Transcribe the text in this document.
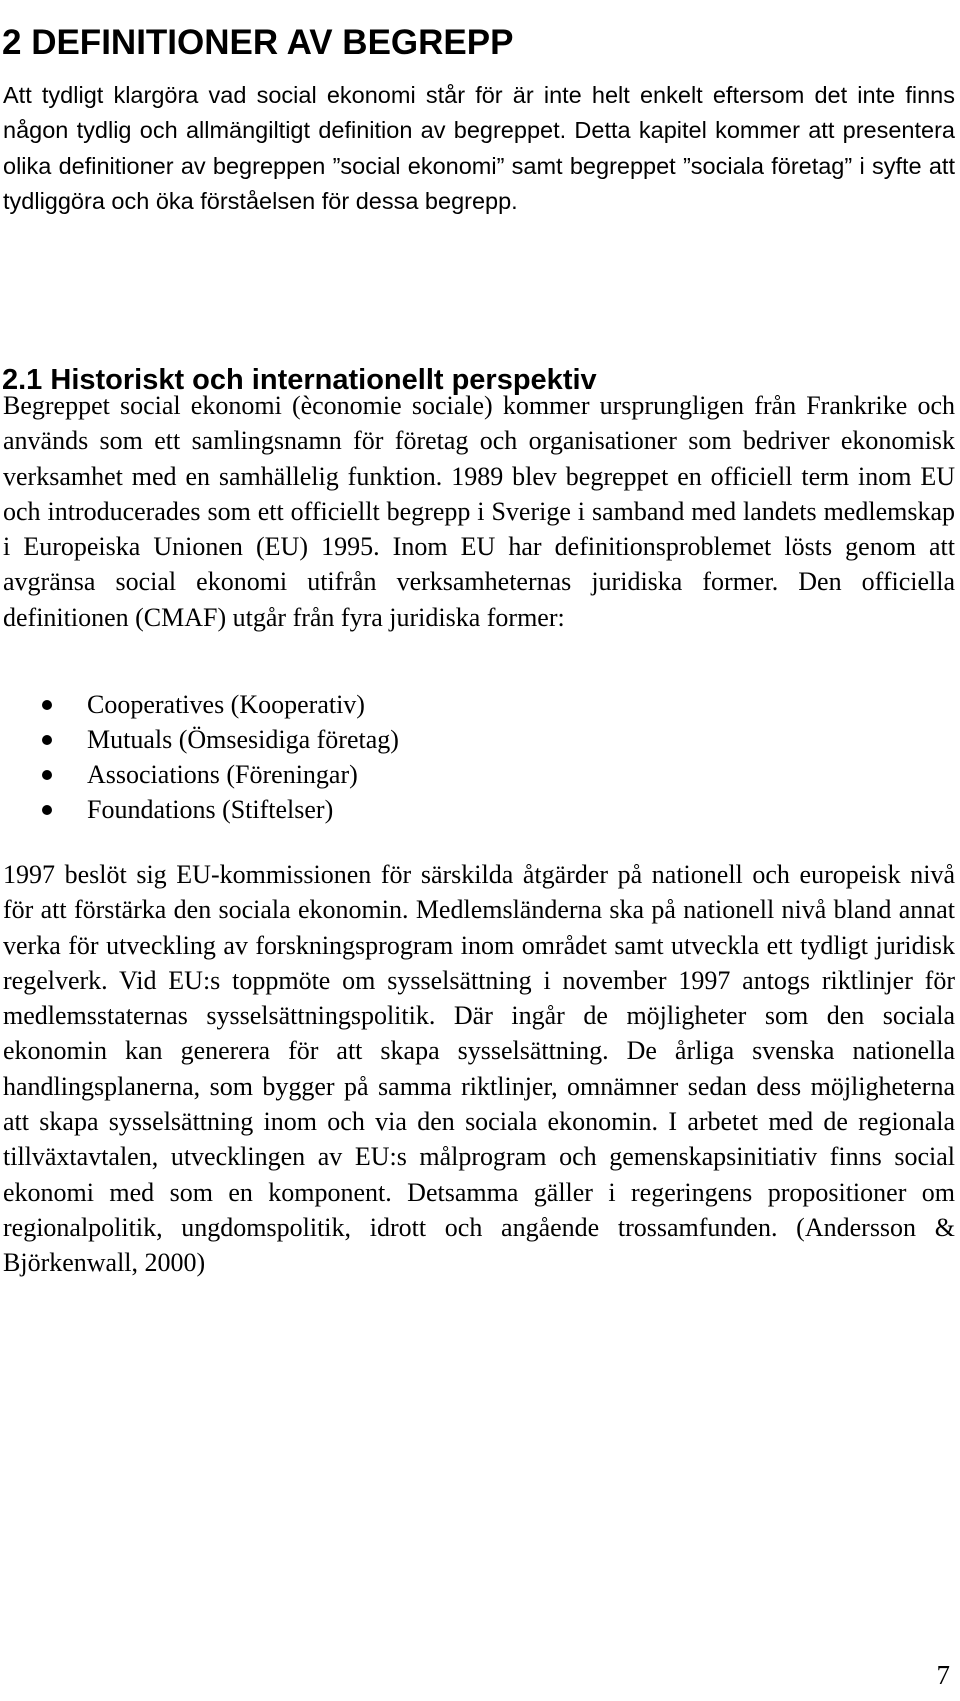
2 DEFINITIONER AV BEGREPP

Att tydligt klargöra vad social ekonomi står för är inte helt enkelt eftersom det inte finns någon tydlig och allmängiltigt definition av begreppet. Detta kapitel kommer att presentera olika definitioner av begreppen ”social ekonomi” samt begreppet ”sociala företag” i syfte att tydliggöra och öka förståelsen för dessa begrepp.

2.1 Historiskt och internationellt perspektiv

Begreppet social ekonomi (èconomie sociale) kommer ursprungligen från Frankrike och används som ett samlingsnamn för företag och organisationer som bedriver ekonomisk verksamhet med en samhällelig funktion. 1989 blev begreppet en officiell term inom EU och introducerades som ett officiellt begrepp i Sverige i samband med landets medlemskap i Europeiska Unionen (EU) 1995. Inom EU har definitionsproblemet lösts genom att avgränsa social ekonomi utifrån verksamheternas juridiska former. Den officiella definitionen (CMAF) utgår från fyra juridiska former:

Cooperatives (Kooperativ)
Mutuals (Ömsesidiga företag)
Associations (Föreningar)
Foundations (Stiftelser)

1997 beslöt sig EU-kommissionen för särskilda åtgärder på nationell och europeisk nivå för att förstärka den sociala ekonomin. Medlemsländerna ska på nationell nivå bland annat verka för utveckling av forskningsprogram inom området samt utveckla ett tydligt juridisk regelverk. Vid EU:s toppmöte om sysselsättning i november 1997 antogs riktlinjer för medlemsstaternas sysselsättningspolitik. Där ingår de möjligheter som den sociala ekonomin kan generera för att skapa sysselsättning. De årliga svenska nationella handlingsplanerna, som bygger på samma riktlinjer, omnämner sedan dess möjligheterna att skapa sysselsättning inom och via den sociala ekonomin. I arbetet med de regionala tillväxtavtalen, utvecklingen av EU:s målprogram och gemenskapsinitiativ finns social ekonomi med som en komponent. Detsamma gäller i regeringens propositioner om regionalpolitik, ungdomspolitik, idrott och angående trossamfunden. (Andersson & Björkenwall, 2000)

7
